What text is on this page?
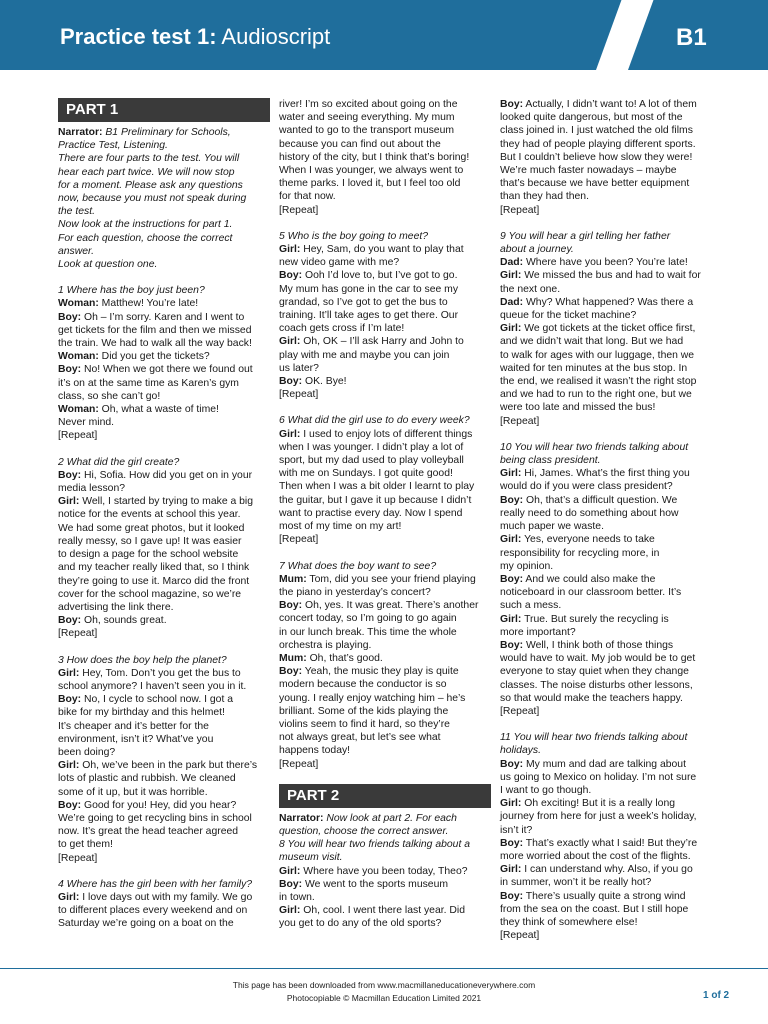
Practice test 1: Audioscript	B1
PART 1
Narrator: B1 Preliminary for Schools,
Practice Test, Listening.
There are four parts to the test. You will
hear each part twice. We will now stop
for a moment. Please ask any questions
now, because you must not speak during
the test.
Now look at the instructions for part 1.
For each question, choose the correct
answer.
Look at question one.
1 Where has the boy just been?
Woman: Matthew! You’re late!
Boy: Oh – I’m sorry. Karen and I went to
get tickets for the film and then we missed
the train. We had to walk all the way back!
Woman: Did you get the tickets?
Boy: No! When we got there we found out
it’s on at the same time as Karen’s gym
class, so she can’t go!
Woman: Oh, what a waste of time!
Never mind.
[Repeat]
2 What did the girl create?
Boy: Hi, Sofia. How did you get on in your
media lesson?
Girl: Well, I started by trying to make a big
notice for the events at school this year.
We had some great photos, but it looked
really messy, so I gave up! It was easier
to design a page for the school website
and my teacher really liked that, so I think
they’re going to use it. Marco did the front
cover for the school magazine, so we’re
advertising the link there.
Boy: Oh, sounds great.
[Repeat]
3 How does the boy help the planet?
Girl: Hey, Tom. Don’t you get the bus to
school anymore? I haven’t seen you in it.
Boy: No, I cycle to school now. I got a
bike for my birthday and this helmet!
It’s cheaper and it’s better for the
environment, isn’t it? What’ve you
been doing?
Girl: Oh, we’ve been in the park but there’s
lots of plastic and rubbish. We cleaned
some of it up, but it was horrible.
Boy: Good for you! Hey, did you hear?
We’re going to get recycling bins in school
now. It’s great the head teacher agreed
to get them!
[Repeat]
4 Where has the girl been with her family?
Girl: I love days out with my family. We go
to different places every weekend and on
Saturday we’re going on a boat on the
river! I’m so excited about going on the
water and seeing everything. My mum
wanted to go to the transport museum
because you can find out about the
history of the city, but I think that’s boring!
When I was younger, we always went to
theme parks. I loved it, but I feel too old
for that now.
[Repeat]
5 Who is the boy going to meet?
Girl: Hey, Sam, do you want to play that
new video game with me?
Boy: Ooh I’d love to, but I’ve got to go.
My mum has gone in the car to see my
grandad, so I’ve got to get the bus to
training. It’ll take ages to get there. Our
coach gets cross if I’m late!
Girl: Oh, OK – I’ll ask Harry and John to
play with me and maybe you can join
us later?
Boy: OK. Bye!
[Repeat]
6 What did the girl use to do every week?
Girl: I used to enjoy lots of different things
when I was younger. I didn’t play a lot of
sport, but my dad used to play volleyball
with me on Sundays. I got quite good!
Then when I was a bit older I learnt to play
the guitar, but I gave it up because I didn’t
want to practise every day. Now I spend
most of my time on my art!
[Repeat]
7 What does the boy want to see?
Mum: Tom, did you see your friend playing
the piano in yesterday’s concert?
Boy: Oh, yes. It was great. There’s another
concert today, so I’m going to go again
in our lunch break. This time the whole
orchestra is playing.
Mum: Oh, that’s good.
Boy: Yeah, the music they play is quite
modern because the conductor is so
young. I really enjoy watching him – he’s
brilliant. Some of the kids playing the
violins seem to find it hard, so they’re
not always great, but let’s see what
happens today!
[Repeat]
PART 2
Narrator: Now look at part 2. For each
question, choose the correct answer.
8 You will hear two friends talking about a
museum visit.
Girl: Where have you been today, Theo?
Boy: We went to the sports museum
in town.
Girl: Oh, cool. I went there last year. Did
you get to do any of the old sports?
Boy: Actually, I didn’t want to! A lot of them
looked quite dangerous, but most of the
class joined in. I just watched the old films
they had of people playing different sports.
But I couldn’t believe how slow they were!
We’re much faster nowadays – maybe
that’s because we have better equipment
than they had then.
[Repeat]
9 You will hear a girl telling her father
about a journey.
Dad: Where have you been? You’re late!
Girl: We missed the bus and had to wait for
the next one.
Dad: Why? What happened? Was there a
queue for the ticket machine?
Girl: We got tickets at the ticket office first,
and we didn’t wait that long. But we had
to walk for ages with our luggage, then we
waited for ten minutes at the bus stop. In
the end, we realised it wasn’t the right stop
and we had to run to the right one, but we
were too late and missed the bus!
[Repeat]
10 You will hear two friends talking about
being class president.
Girl: Hi, James. What’s the first thing you
would do if you were class president?
Boy: Oh, that’s a difficult question. We
really need to do something about how
much paper we waste.
Girl: Yes, everyone needs to take
responsibility for recycling more, in
my opinion.
Boy: And we could also make the
noticeboard in our classroom better. It’s
such a mess.
Girl: True. But surely the recycling is
more important?
Boy: Well, I think both of those things
would have to wait. My job would be to get
everyone to stay quiet when they change
classes. The noise disturbs other lessons,
so that would make the teachers happy.
[Repeat]
11 You will hear two friends talking about
holidays.
Boy: My mum and dad are talking about
us going to Mexico on holiday. I’m not sure
I want to go though.
Girl: Oh exciting! But it is a really long
journey from here for just a week’s holiday,
isn’t it?
Boy: That’s exactly what I said! But they’re
more worried about the cost of the flights.
Girl: I can understand why. Also, if you go
in summer, won’t it be really hot?
Boy: There’s usually quite a strong wind
from the sea on the coast. But I still hope
they think of somewhere else!
[Repeat]
This page has been downloaded from www.macmillaneducationeverywhere.com
Photocopiable © Macmillan Education Limited 2021	1 of 2
